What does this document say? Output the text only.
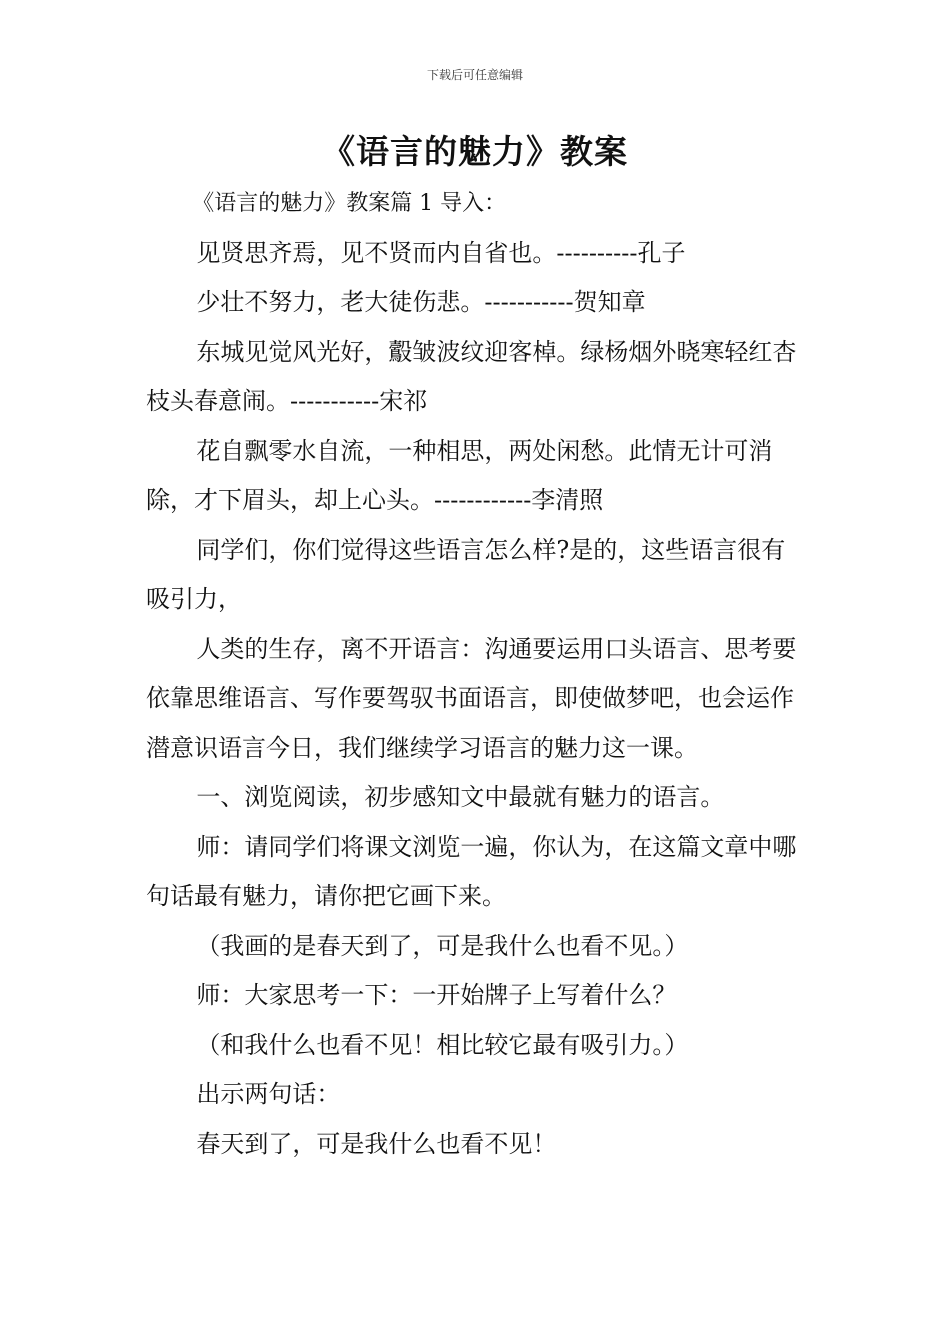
下载后可任意编辑
《语言的魅力》教案

《语言的魅力》教案篇 1 导入：

见贤思齐焉，见不贤而内自省也。----------孔子

少壮不努力，老大徒伤悲。-----------贺知章

东城见觉风光好，鷇皱波纹迎客棹。绿杨烟外晓寒轻红杏枝头春意闹。-----------宋祁

花自飘零水自流，一种相思，两处闲愁。此情无计可消除，才下眉头，却上心头。------------李清照

同学们，你们觉得这些语言怎么样?是的，这些语言很有吸引力，

人类的生存，离不开语言：沟通要运用口头语言、思考要依靠思维语言、写作要驾驭书面语言，即使做梦吧，也会运作潜意识语言今日，我们继续学习语言的魅力这一课。

一、浏览阅读，初步感知文中最就有魅力的语言。

师：请同学们将课文浏览一遍，你认为，在这篇文章中哪句话最有魅力，请你把它画下来。

（我画的是春天到了，可是我什么也看不见。）

师：大家思考一下：一开始牌子上写着什么？

（和我什么也看不见！相比较它最有吸引力。）

出示两句话：

春天到了，可是我什么也看不见！
